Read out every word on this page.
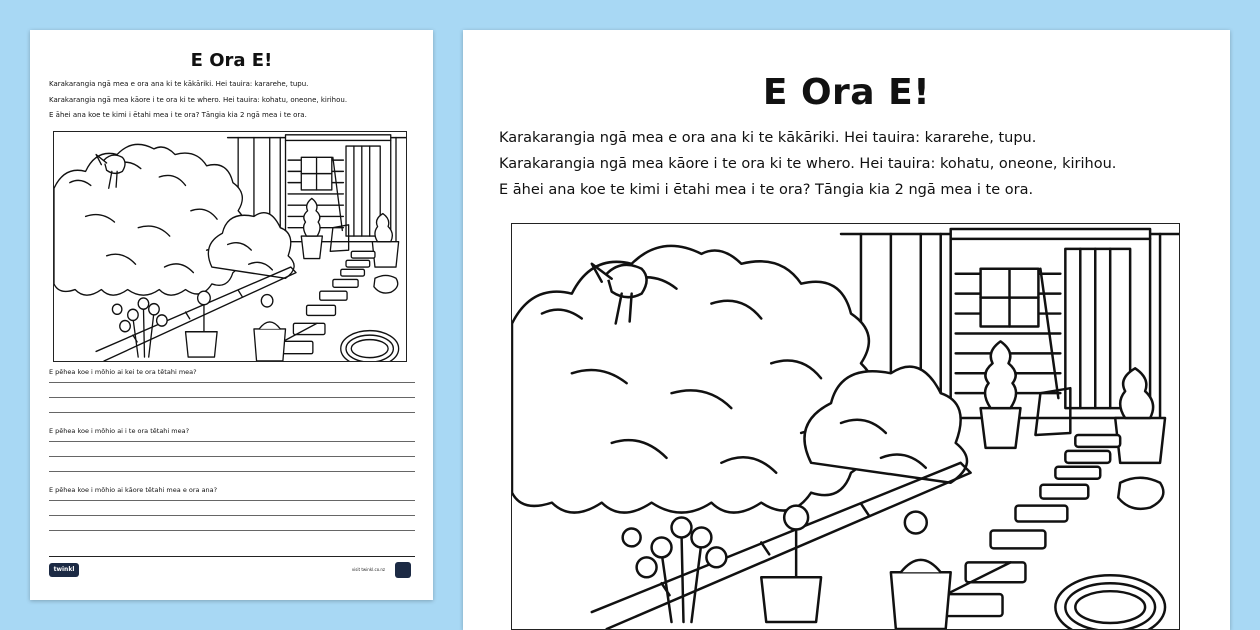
E Ora E!
Karakarangia ngā mea e ora ana ki te kākāriki. Hei tauira: kararehe, tupu.
Karakarangia ngā mea kāore i te ora ki te whero. Hei tauira: kohatu, oneone, kirihou.
E āhei ana koe te kimi i ētahi mea i te ora? Tāngia kia 2 ngā mea i te ora.
E pēhea koe i mōhio ai kei te ora tētahi mea?
E pēhea koe i mōhio ai i te ora tētahi mea?
E pēhea koe i mōhio ai kāore tētahi mea e ora ana?
twinkl	visit twinkl.co.nz
E Ora E!
Karakarangia ngā mea e ora ana ki te kākāriki. Hei tauira: kararehe, tupu.
Karakarangia ngā mea kāore i te ora ki te whero. Hei tauira: kohatu, oneone, kirihou.
E āhei ana koe te kimi i ētahi mea i te ora? Tāngia kia 2 ngā mea i te ora.
